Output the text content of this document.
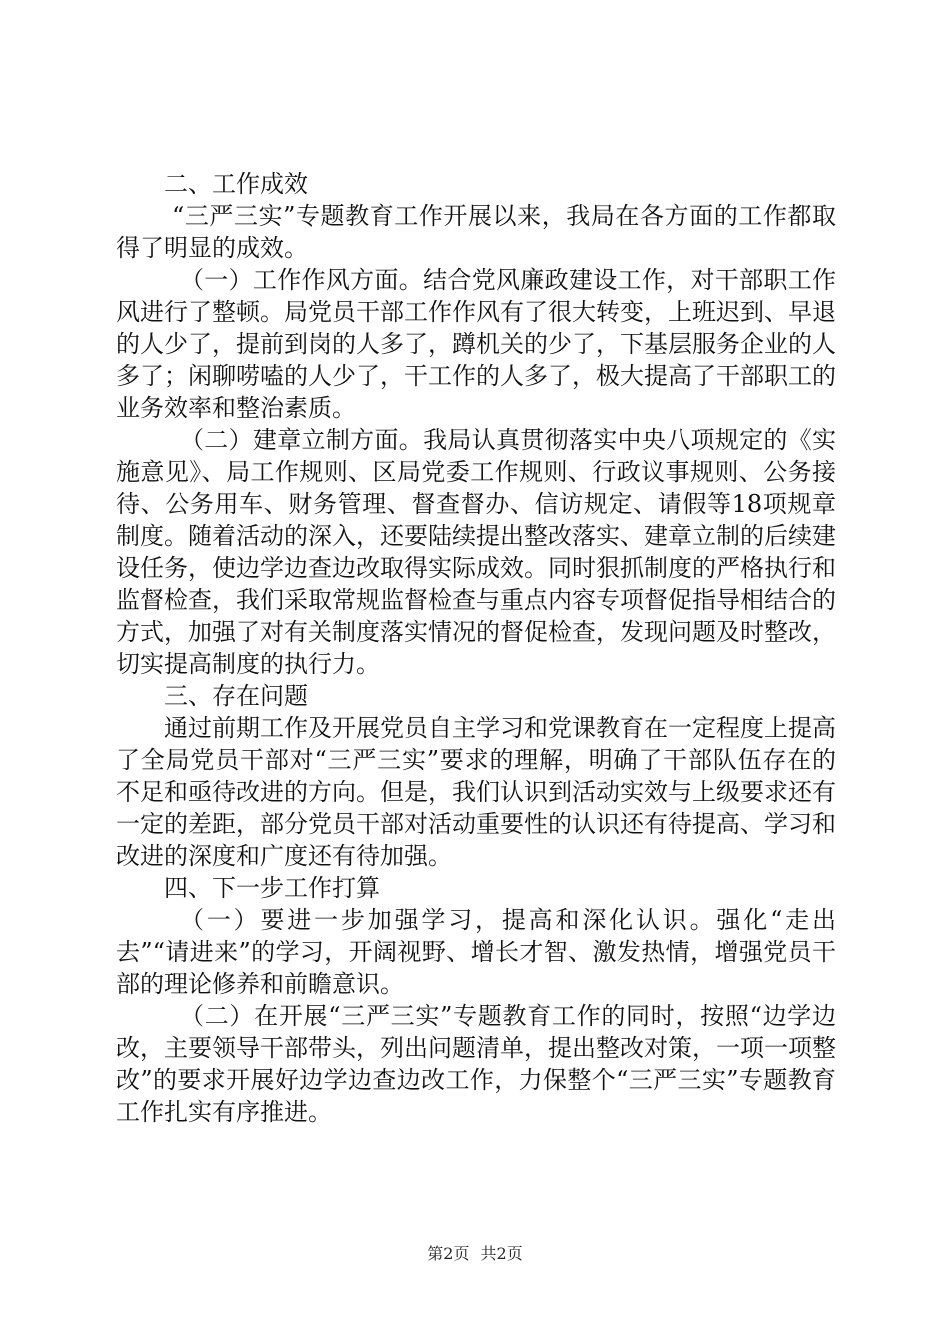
二、工作成效

“三严三实”专题教育工作开展以来，我局在各方面的工作都取得了明显的成效。

（一）工作作风方面。结合党风廉政建设工作，对干部职工作风进行了整顿。局党员干部工作作风有了很大转变，上班迟到、早退的人少了，提前到岗的人多了，蹲机关的少了，下基层服务企业的人多了；闲聊唠嗑的人少了，干工作的人多了，极大提高了干部职工的业务效率和整治素质。

（二）建章立制方面。我局认真贯彻落实中央八项规定的《实施意见》、局工作规则、区局党委工作规则、行政议事规则、公务接待、公务用车、财务管理、督查督办、信访规定、请假等18项规章制度。随着活动的深入，还要陆续提出整改落实、建章立制的后续建设任务，使边学边查边改取得实际成效。同时狠抓制度的严格执行和监督检查，我们采取常规监督检查与重点内容专项督促指导相结合的方式，加强了对有关制度落实情况的督促检查，发现问题及时整改，切实提高制度的执行力。

三、存在问题

通过前期工作及开展党员自主学习和党课教育在一定程度上提高了全局党员干部对“三严三实”要求的理解，明确了干部队伍存在的不足和亟待改进的方向。但是，我们认识到活动实效与上级要求还有一定的差距，部分党员干部对活动重要性的认识还有待提高、学习和改进的深度和广度还有待加强。

四、下一步工作打算

（一）要进一步加强学习，提高和深化认识。强化“走出去”“请进来”的学习，开阔视野、增长才智、激发热情，增强党员干部的理论修养和前瞻意识。

（二）在开展“三严三实”专题教育工作的同时，按照“边学边改，主要领导干部带头，列出问题清单，提出整改对策，一项一项整改”的要求开展好边学边查边改工作，力保整个“三严三实”专题教育工作扎实有序推进。

第2页 共2页
